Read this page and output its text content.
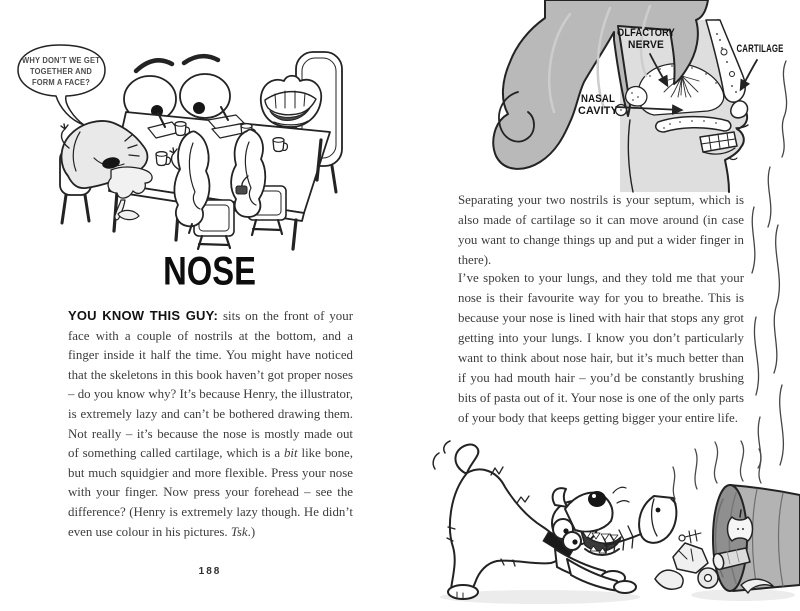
WHY DON’T WE GET
TOGETHER AND
FORM A FACE?
NOSE

YOU KNOW THIS GUY: sits on the front of your face with a couple of nostrils at the bottom, and a finger inside it half the time. You might have noticed that the skeletons in this book haven’t got proper noses – do you know why? It’s because Henry, the illustrator, is extremely lazy and can’t be bothered drawing them. Not really – it’s because the nose is mostly made out of something called cartilage, which is a bit like bone, but much squidgier and more flexible. Press your nose with your finger. Now press your forehead – see the difference? (Henry is extremely lazy though. He didn’t even use colour in his pictures. Tsk.)

188
OLFACTORY
NERVE
NASAL
CAVITY
CARTILAGE

Separating your two nostrils is your septum, which is also made of cartilage so it can move around (in case you want to change things up and put a wider finger in there).

I’ve spoken to your lungs, and they told me that your nose is their favourite way for you to breathe. This is because your nose is lined with hair that stops any grot getting into your lungs. I know you don’t particularly want to think about nose hair, but it’s much better than if you had mouth hair – you’d be constantly brushing bits of pasta out of it. Your nose is one of the only parts of your body that keeps getting bigger your entire life.
